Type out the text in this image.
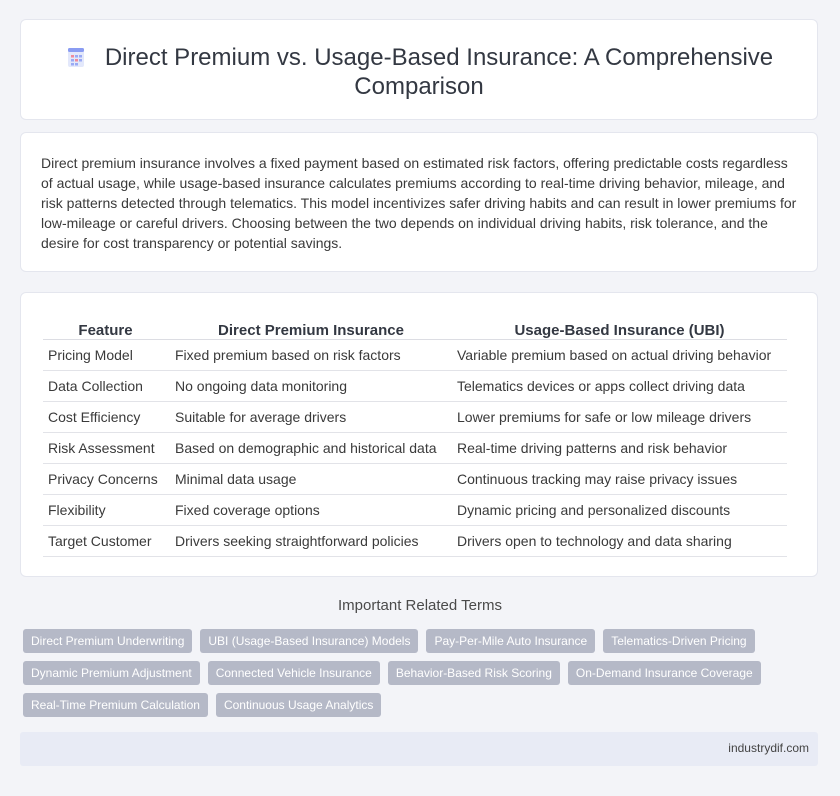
Direct Premium vs. Usage-Based Insurance: A Comprehensive Comparison
Direct premium insurance involves a fixed payment based on estimated risk factors, offering predictable costs regardless of actual usage, while usage-based insurance calculates premiums according to real-time driving behavior, mileage, and risk patterns detected through telematics. This model incentivizes safer driving habits and can result in lower premiums for low-mileage or careful drivers. Choosing between the two depends on individual driving habits, risk tolerance, and the desire for cost transparency or potential savings.
Feature	Direct Premium Insurance	Usage-Based Insurance (UBI)
Pricing Model	Fixed premium based on risk factors	Variable premium based on actual driving behavior
Data Collection	No ongoing data monitoring	Telematics devices or apps collect driving data
Cost Efficiency	Suitable for average drivers	Lower premiums for safe or low mileage drivers
Risk Assessment	Based on demographic and historical data	Real-time driving patterns and risk behavior
Privacy Concerns	Minimal data usage	Continuous tracking may raise privacy issues
Flexibility	Fixed coverage options	Dynamic pricing and personalized discounts
Target Customer	Drivers seeking straightforward policies	Drivers open to technology and data sharing
Important Related Terms
Direct Premium Underwriting	UBI (Usage-Based Insurance) Models	Pay-Per-Mile Auto Insurance	Telematics-Driven Pricing
Dynamic Premium Adjustment	Connected Vehicle Insurance	Behavior-Based Risk Scoring	On-Demand Insurance Coverage
Real-Time Premium Calculation	Continuous Usage Analytics
industrydif.com
